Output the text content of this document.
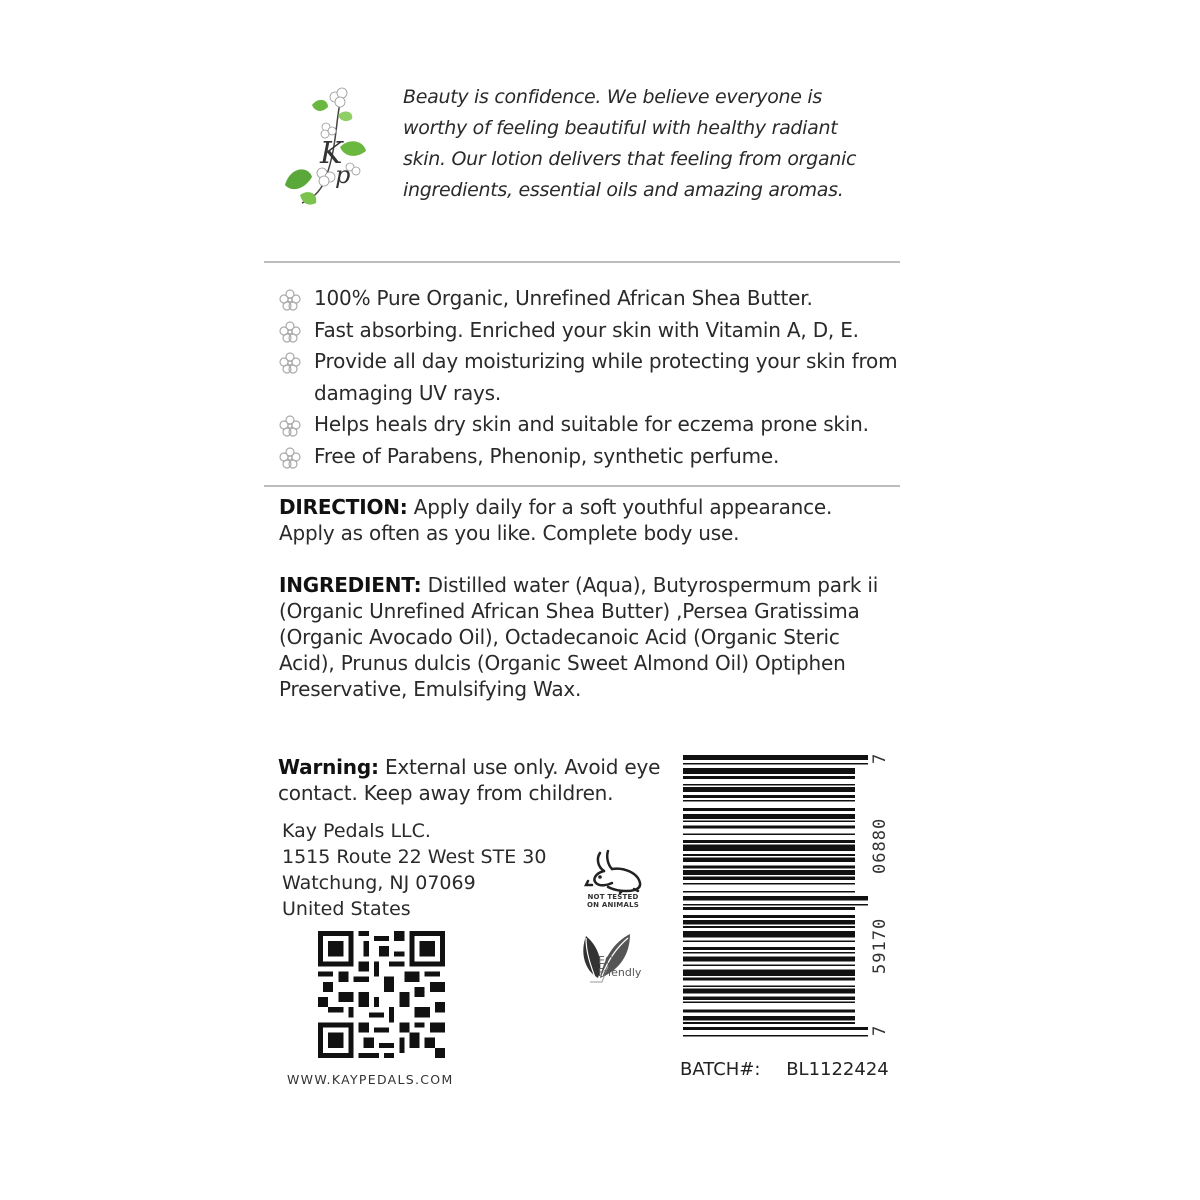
K
p

Beauty is confidence. We believe everyone is worthy of feeling beautiful with healthy radiant skin. Our lotion delivers that feeling from organic ingredients, essential oils and amazing aromas.

100% Pure Organic, Unrefined African Shea Butter.
Fast absorbing. Enriched your skin with Vitamin A, D, E.
Provide all day moisturizing while protecting your skin from damaging UV rays.
Helps heals dry skin and suitable for eczema prone skin.
Free of Parabens, Phenonip, synthetic perfume.

DIRECTION: Apply daily for a soft youthful appearance. Apply as often as you like. Complete body use.

INGREDIENT: Distilled water (Aqua), Butyrospermum park ii (Organic Unrefined African Shea Butter) ,Persea Gratissima (Organic Avocado Oil), Octadecanoic Acid (Organic Steric Acid), Prunus dulcis (Organic Sweet Almond Oil) Optiphen Preservative, Emulsifying Wax.

Warning: External use only. Avoid eye contact. Keep away from children.

Kay Pedals LLC.
1515 Route 22 West STE 30
Watchung, NJ 07069
United States
WWW.KAYPEDALS.COM
NOT TESTED
ON ANIMALS
ECO
Friendly
7
06880
59170
7
BATCH#: BL1122424
